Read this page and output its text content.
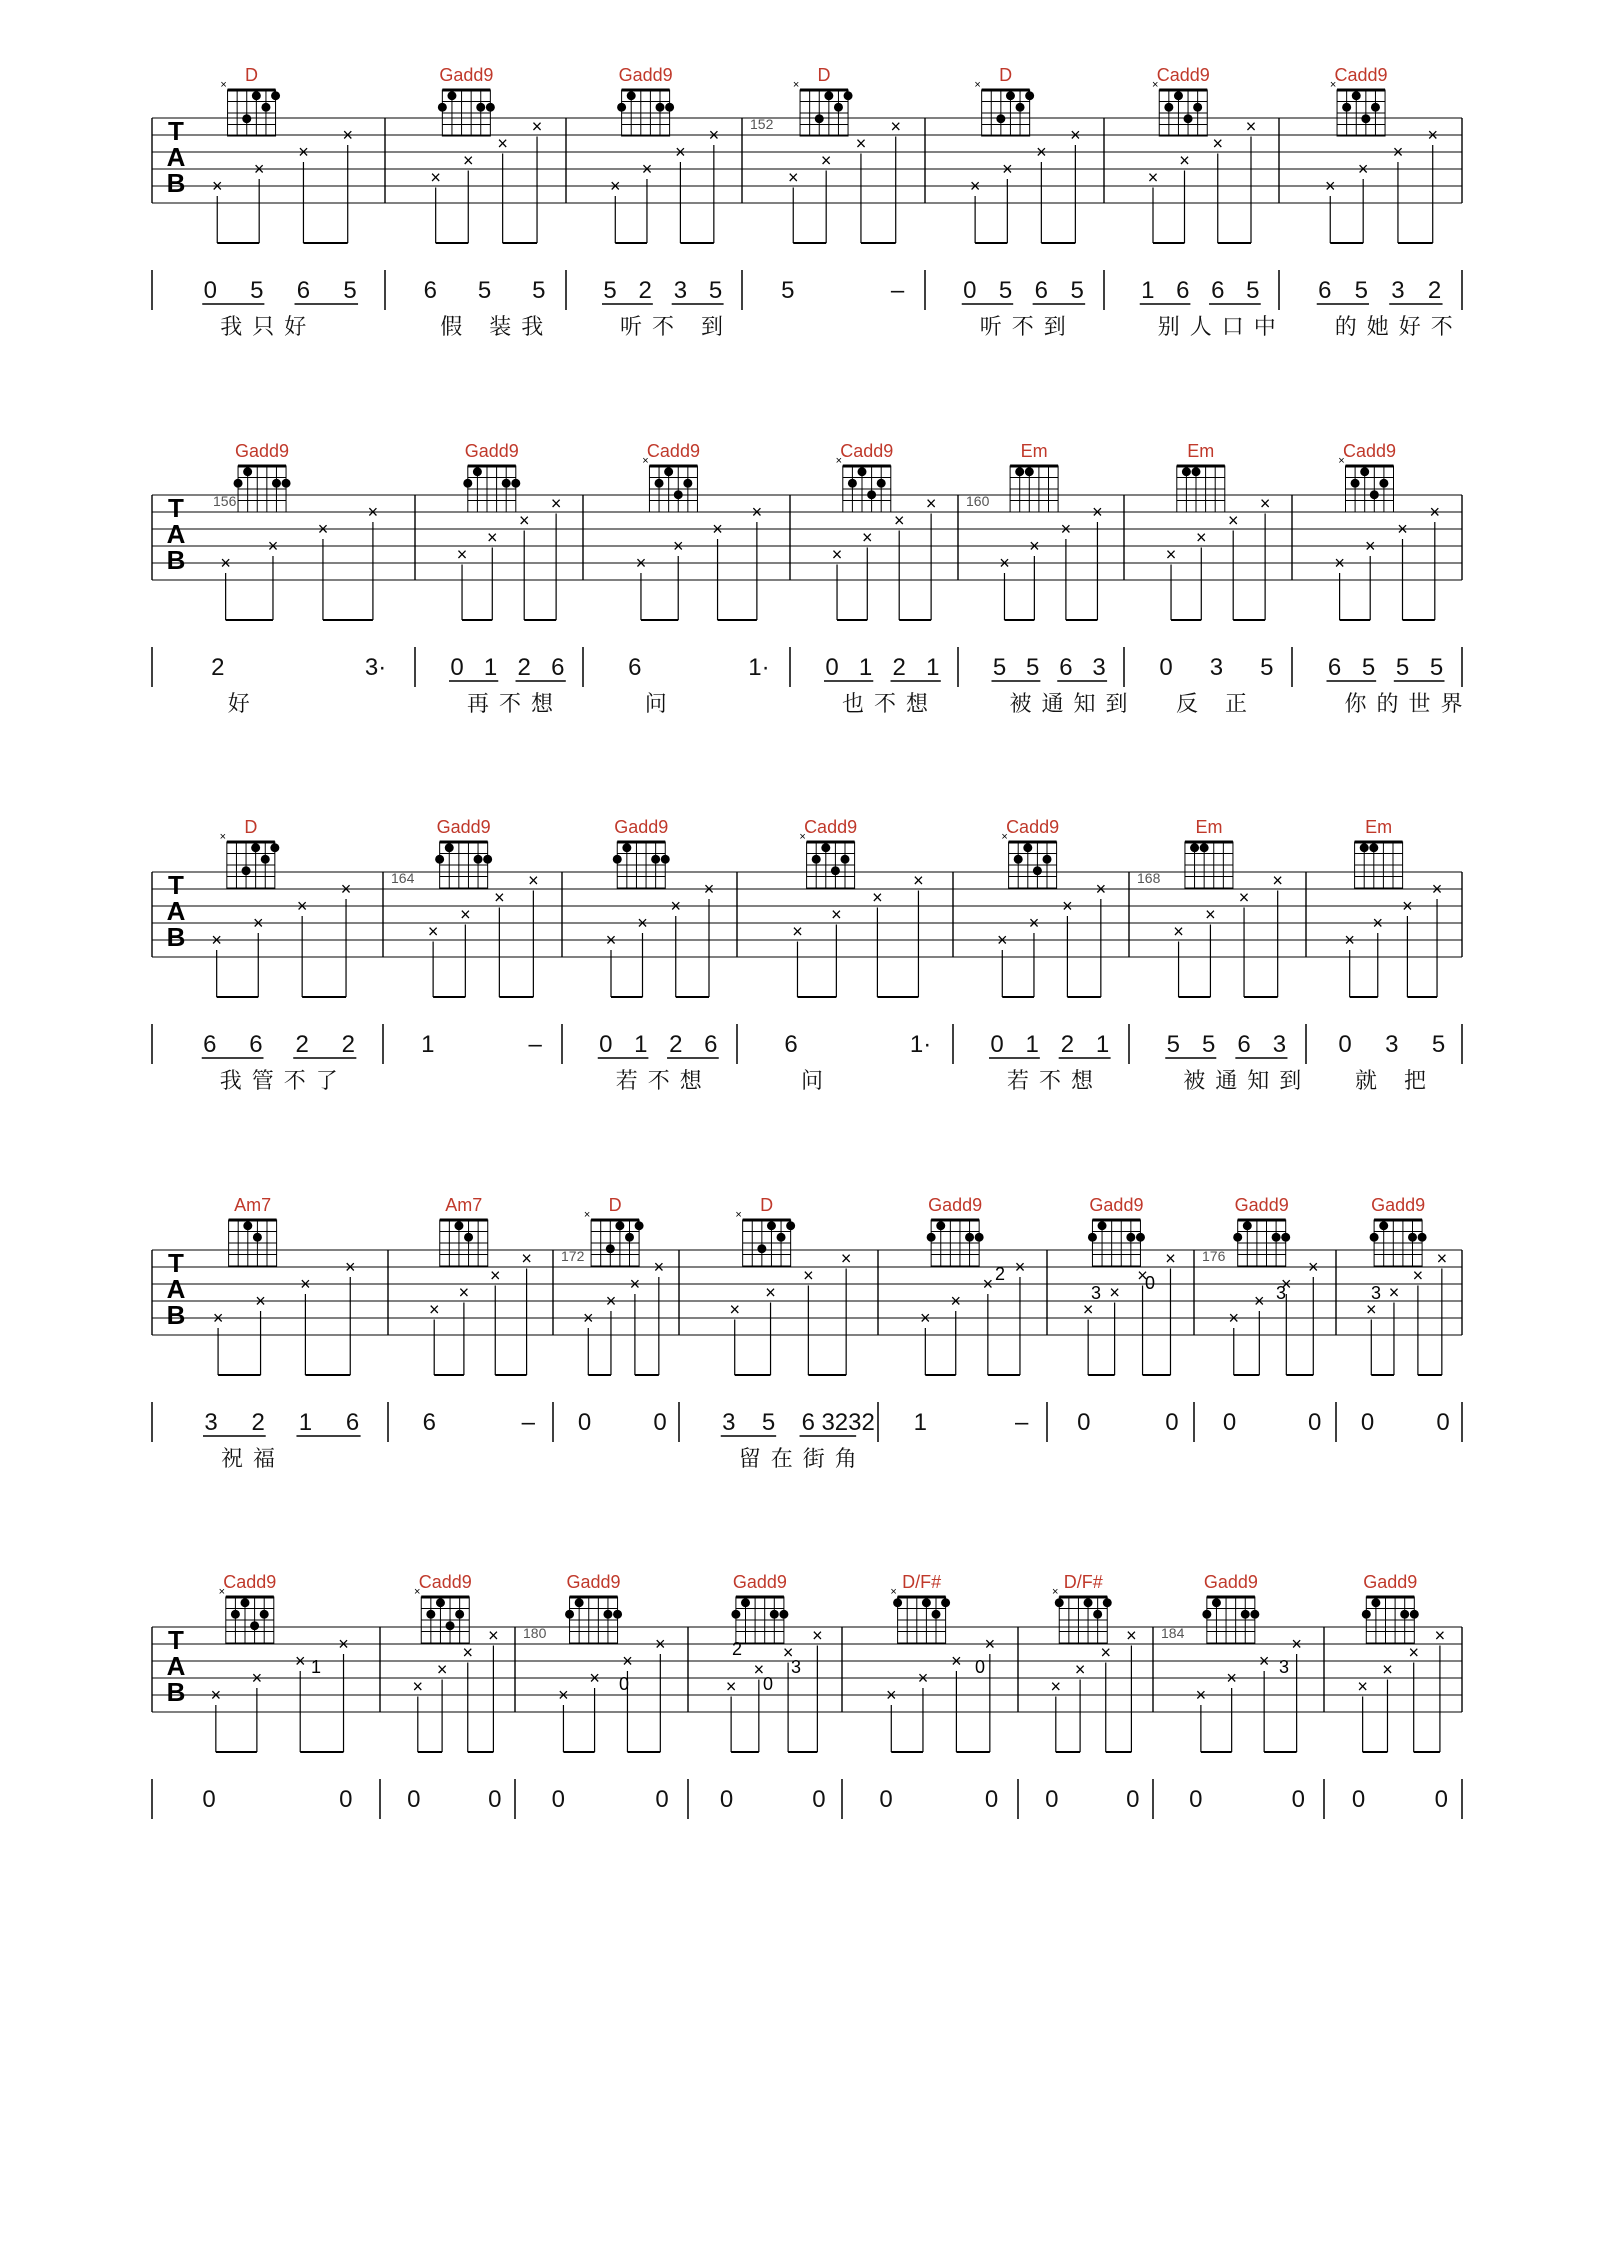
T
A
B
× D	Gadd9	Gadd9	× D	× D	×
Cadd9	×
Cadd9
152
×
×
×
×
×
×
×
×
×
×
×
×
×
×
×
×
×
×
×
×
×
×
×
×
×
×
×
×
0 5 6 5
我只好
6 5 5
假 装我
5 2 3 5
听不 到
5	– 0 5 6 5
听不到
1 6 6 5
别人口中
6 5 3 2
的她好不
T
A
B
Gadd9	Gadd9	×
Cadd9	×
Cadd9	Em	Em	×
Cadd9
156	160
×
×
×
×
×
×
×
×
×
×
×
×
×
×
×
×
×
×
×
×
×
×
×
×
×
×
×
×
2	3·
好
0 1 2 6
再不想
6	1·
问
0 1 2 1
也不想
5 5 6 3
被通知到
0 3 5
反 正
6 5 5 5
你的世界
T
A
B
× D	Gadd9	Gadd9	×
Cadd9	×
Cadd9	Em	Em
164	168
×
×
×
×
×
×
×
×
×
×
×
×
×
×
×
×
×
×
×
×
×
×
×
×
×
×
×
×
6 6 2 2
我管不了
1	– 0 1 2 6
若不想
6	1·
问
0 1 2 1
若不想
5 5 6 3
被通知到
0 3 5
就 把
T
A
B
Am7	Am7	× D	× D	Gadd9	Gadd9	Gadd9	Gadd9
172	176
×
×
×
×
×
×
×
×
×
×
×
×
×
×
×
×
×
×
×
×
×
×
×
×
×
×
×
×
×
×
×
×
3 2 1 6
祝福
6	– 0	0 3 5 6 3232
留在街角
1	– 0	0 0	0 0	0
T
A
B
×
Cadd9	×
Cadd9	Gadd9	Gadd9	× D/F#	× D/F#	Gadd9	Gadd9
180	184
×
×
×
×
×
×
×
×
×
×
×
×
×
×
×
×
×
×
×
×
×
×
×
×
×
×
×
×
×
×
×
×
0	0 0	0 0	0 0	0 0	0 0	0 0	0 0	0
2
3	3	3
0
1
0
2
0
3	0	3
